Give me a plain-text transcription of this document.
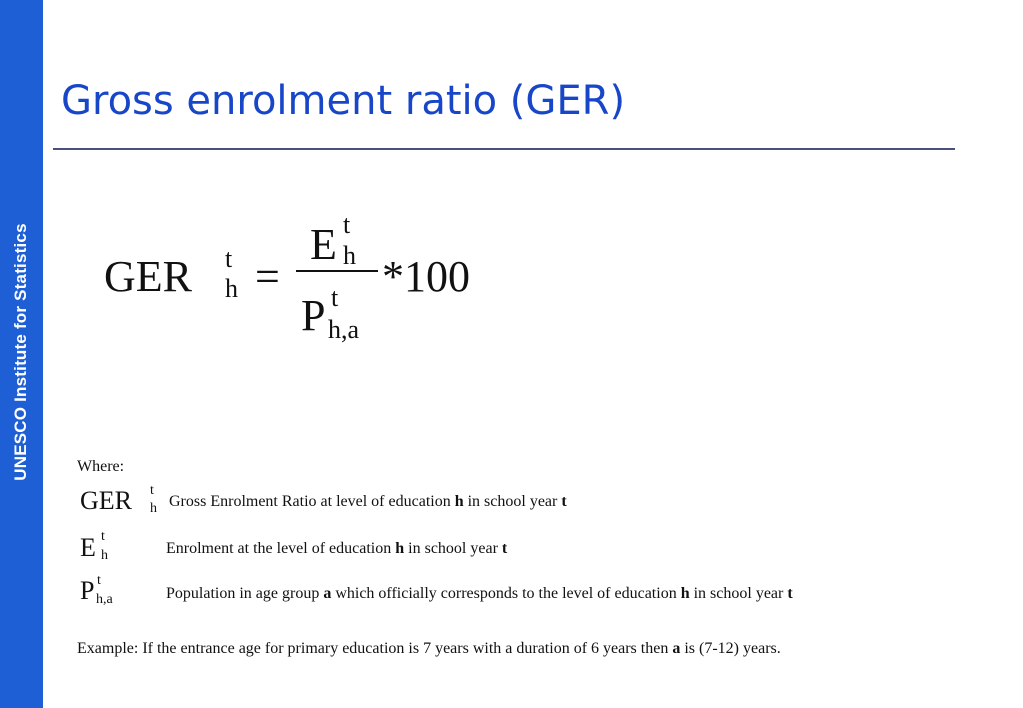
UNESCO Institute for Statistics
Gross enrolment ratio (GER)
GER t
h =
E t
h
P t
h,a
*100
Where:
GER t
h Gross Enrolment Ratio at level of education h in school year t
E t
h	Enrolment at the level of education h in school year t
P t
h,a	Population in age group a which officially corresponds to the level of education h in school year t
Example: If the entrance age for primary education is 7 years with a duration of 6 years then a is (7-12) years.
